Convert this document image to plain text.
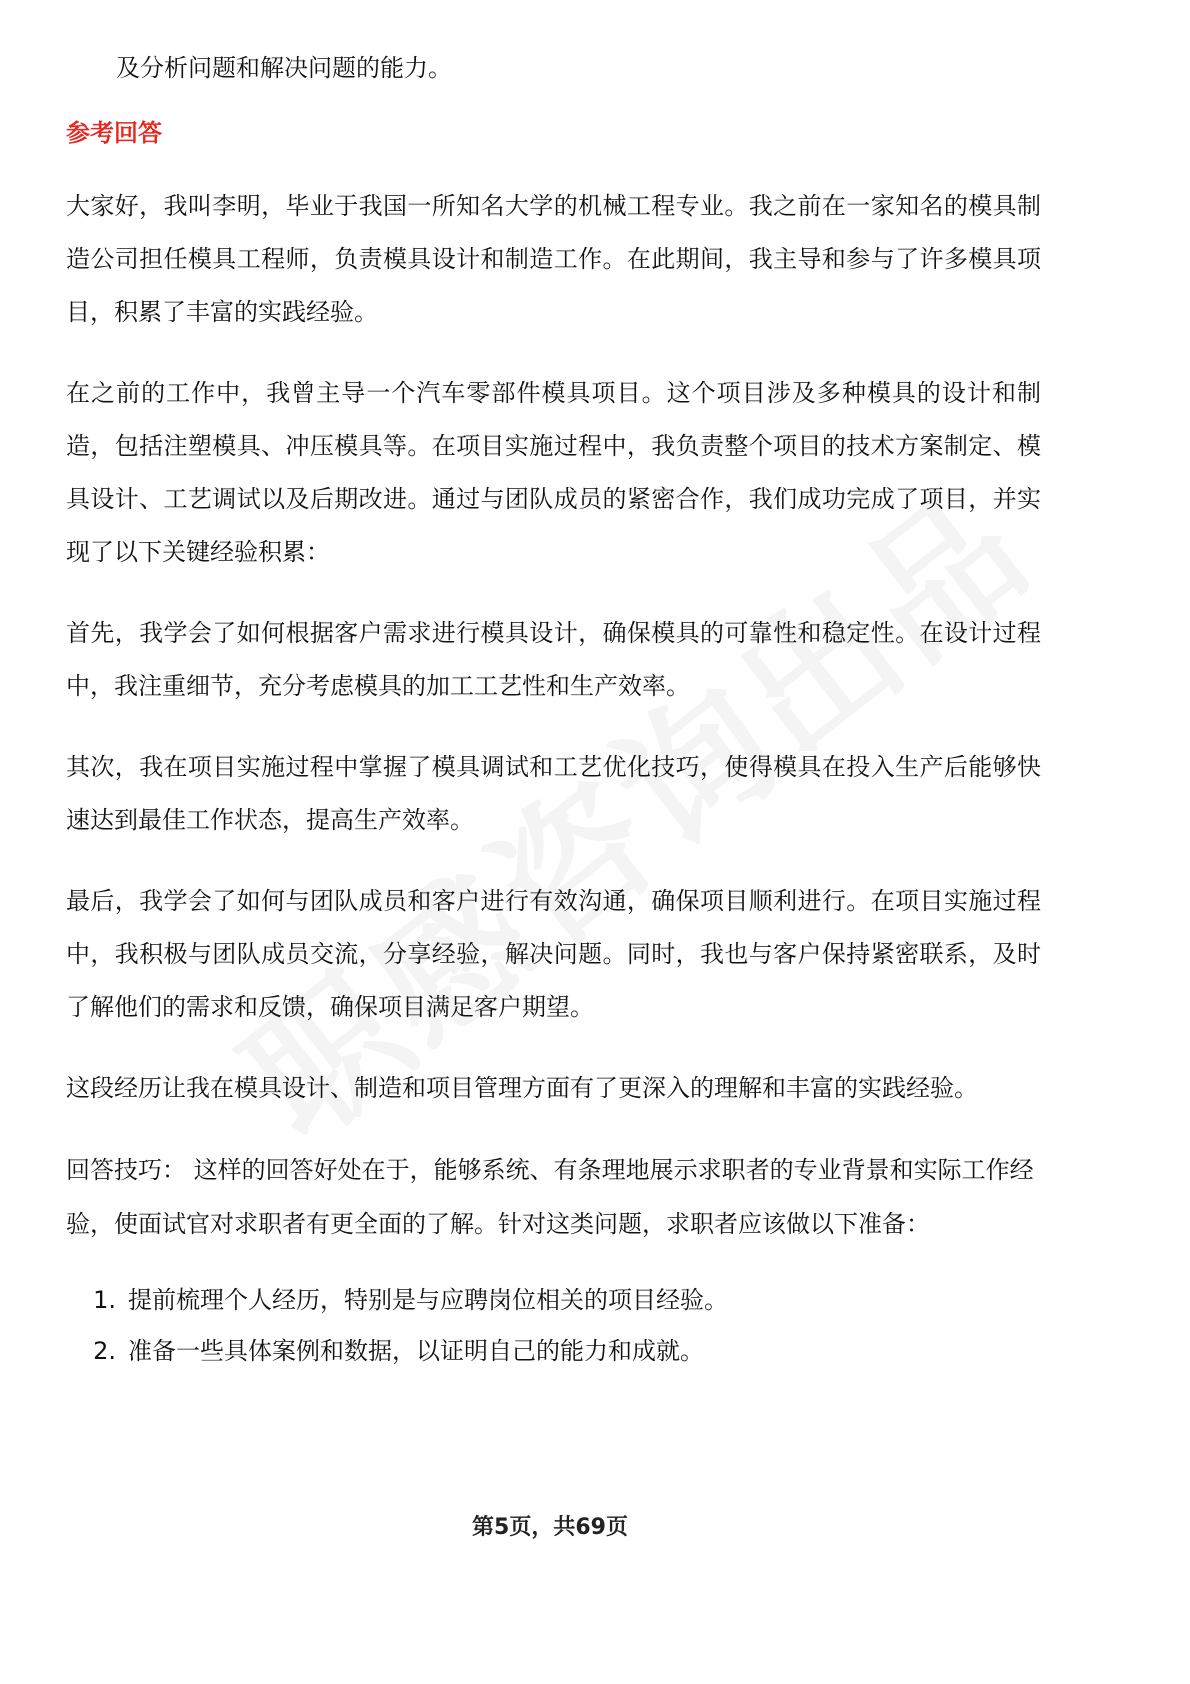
及分析问题和解决问题的能力。

参考回答

大家好，我叫李明，毕业于我国一所知名大学的机械工程专业。我之前在一家知名的模具制造公司担任模具工程师，负责模具设计和制造工作。在此期间，我主导和参与了许多模具项目，积累了丰富的实践经验。

在之前的工作中，我曾主导一个汽车零部件模具项目。这个项目涉及多种模具的设计和制造，包括注塑模具、冲压模具等。在项目实施过程中，我负责整个项目的技术方案制定、模具设计、工艺调试以及后期改进。通过与团队成员的紧密合作，我们成功完成了项目，并实现了以下关键经验积累：

首先，我学会了如何根据客户需求进行模具设计，确保模具的可靠性和稳定性。在设计过程中，我注重细节，充分考虑模具的加工工艺性和生产效率。

其次，我在项目实施过程中掌握了模具调试和工艺优化技巧，使得模具在投入生产后能够快速达到最佳工作状态，提高生产效率。

最后，我学会了如何与团队成员和客户进行有效沟通，确保项目顺利进行。在项目实施过程中，我积极与团队成员交流，分享经验，解决问题。同时，我也与客户保持紧密联系，及时了解他们的需求和反馈，确保项目满足客户期望。

这段经历让我在模具设计、制造和项目管理方面有了更深入的理解和丰富的实践经验。

回答技巧： 这样的回答好处在于，能够系统、有条理地展示求职者的专业背景和实际工作经验，使面试官对求职者有更全面的了解。针对这类问题，求职者应该做以下准备：

1. 提前梳理个人经历，特别是与应聘岗位相关的项目经验。
2. 准备一些具体案例和数据，以证明自己的能力和成就。
第5页，共69页
